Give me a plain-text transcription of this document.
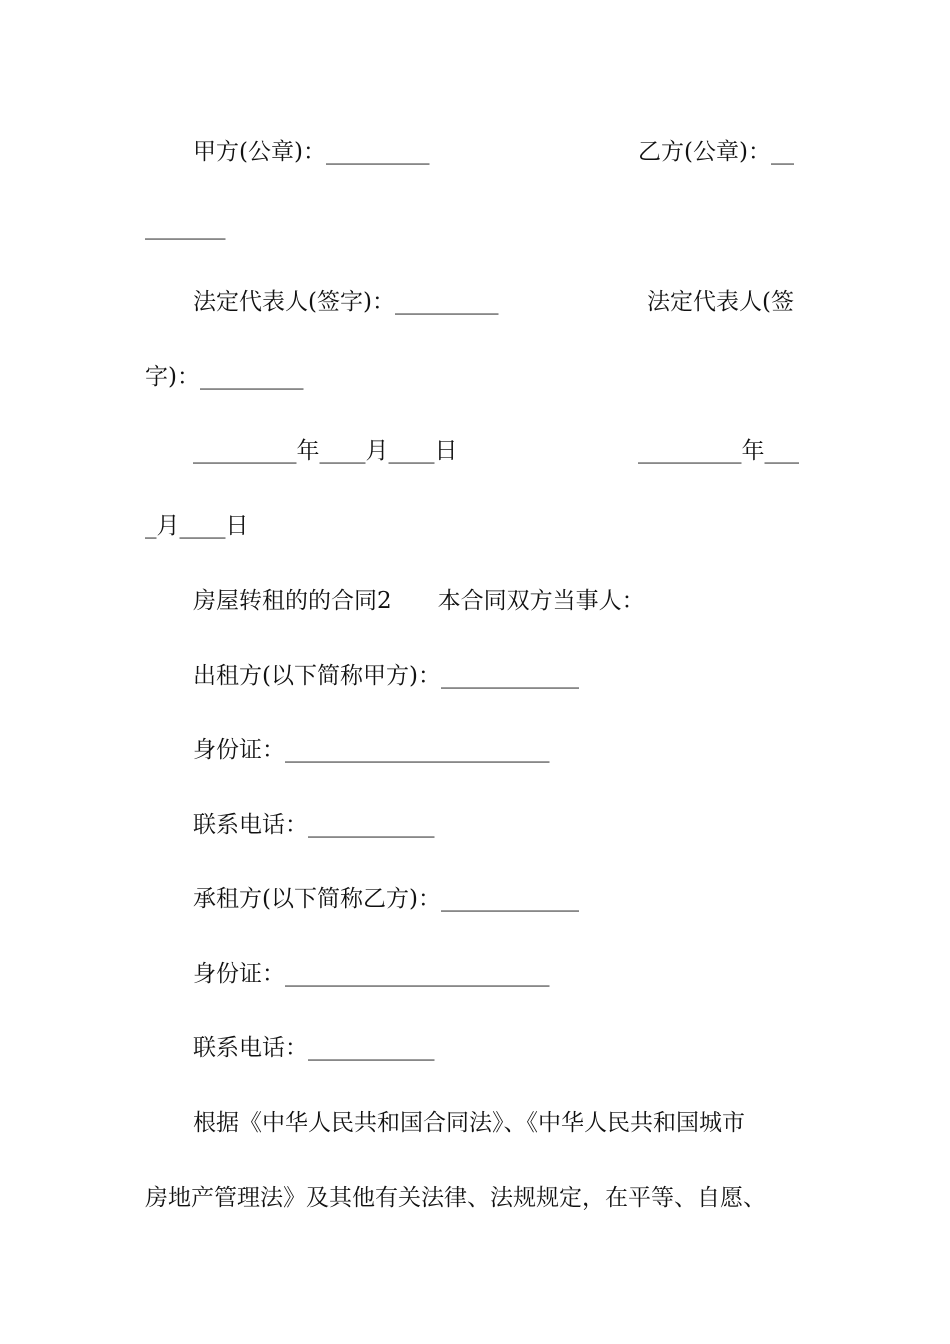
甲方(公章)：_________	乙方(公章)：__

_______

法定代表人(签字)：_________	法定代表人(签

字)：_________

_________年____月____日	_________年___

_月____日

房屋转租的的合同2　　本合同双方当事人：

出租方(以下简称甲方)：____________

身份证：_______________________

联系电话：___________

承租方(以下简称乙方)：____________

身份证：_______________________

联系电话：___________

根据《中华人民共和国合同法》、《中华人民共和国城市

房地产管理法》及其他有关法律、法规规定，在平等、自愿、
